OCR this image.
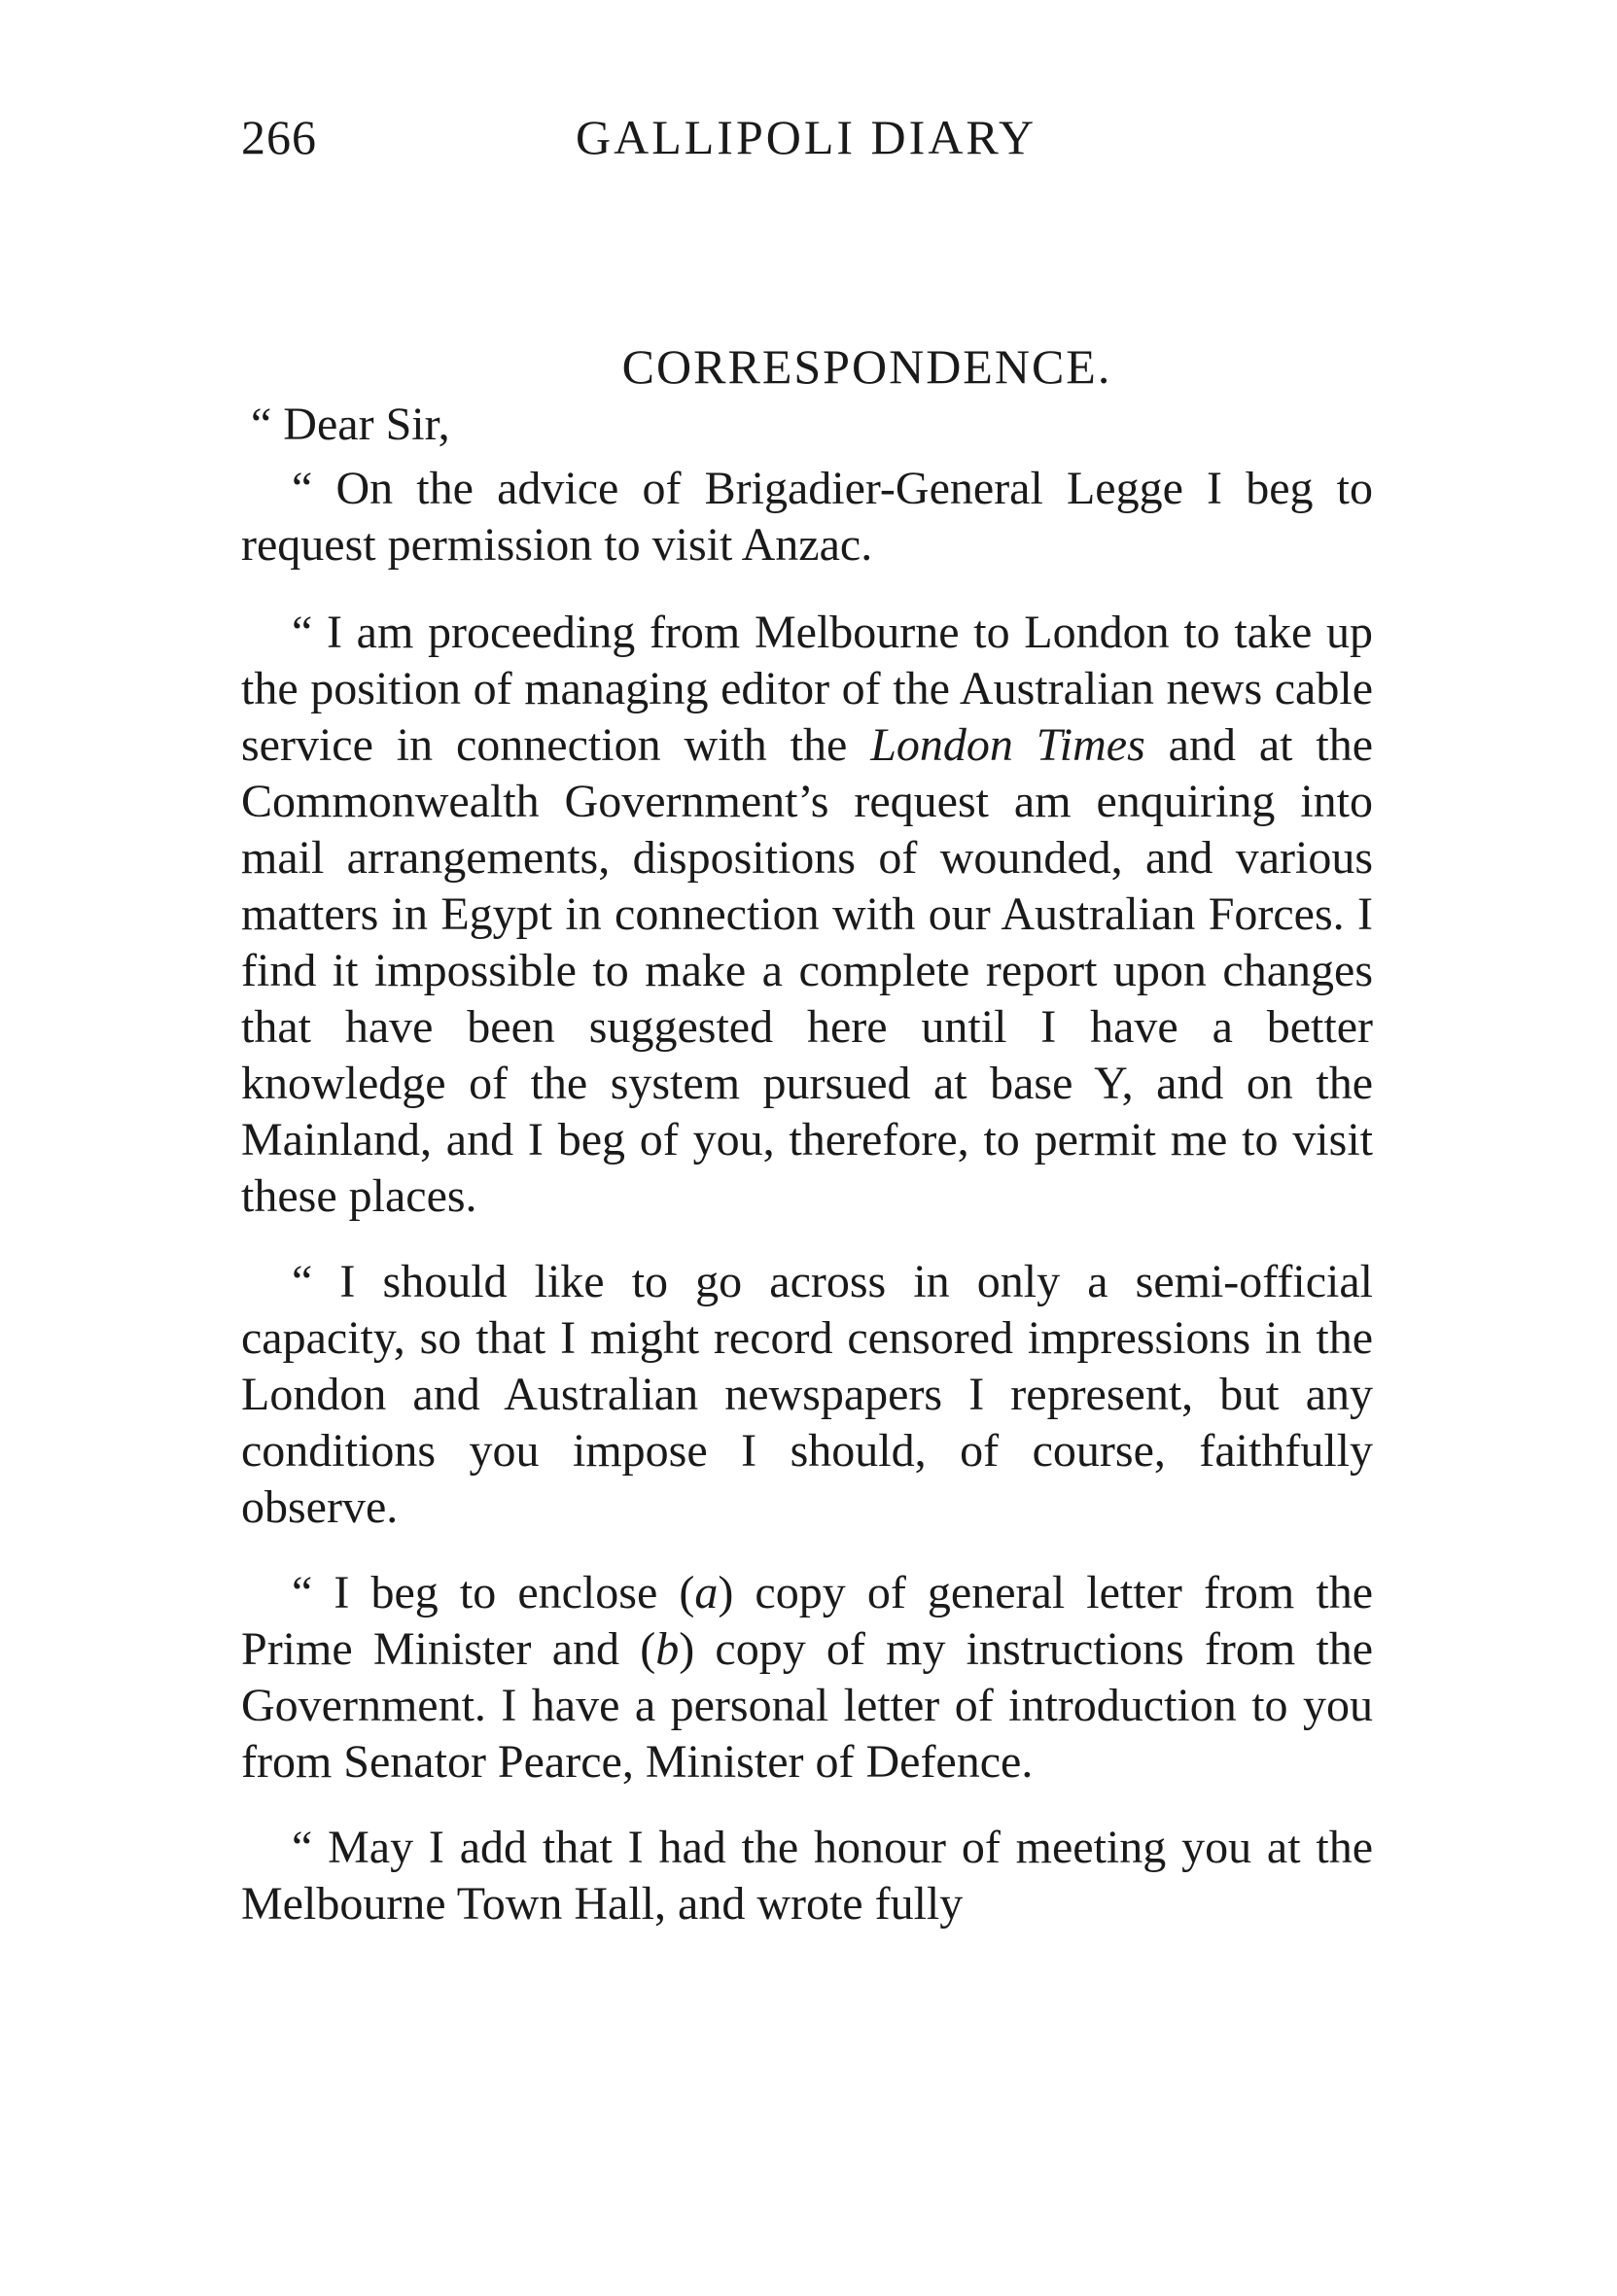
266	GALLIPOLI DIARY
CORRESPONDENCE.

“ Dear Sir,

“ On the advice of Brigadier-General Legge I beg to request permission to visit Anzac.

“ I am proceeding from Melbourne to London to take up the position of managing editor of the Australian news cable service in connection with the London Times and at the Commonwealth Government’s request am enquiring into mail arrangements, dispositions of wounded, and various matters in Egypt in connection with our Australian Forces. I find it impossible to make a complete report upon changes that have been suggested here until I have a better knowledge of the system pursued at base Y, and on the Mainland, and I beg of you, therefore, to permit me to visit these places.

“ I should like to go across in only a semi-official capacity, so that I might record censored impressions in the London and Australian newspapers I represent, but any conditions you impose I should, of course, faithfully observe.

“ I beg to enclose (a) copy of general letter from the Prime Minister and (b) copy of my instructions from the Government. I have a personal letter of introduction to you from Senator Pearce, Minister of Defence.

“ May I add that I had the honour of meeting you at the Melbourne Town Hall, and wrote fully
